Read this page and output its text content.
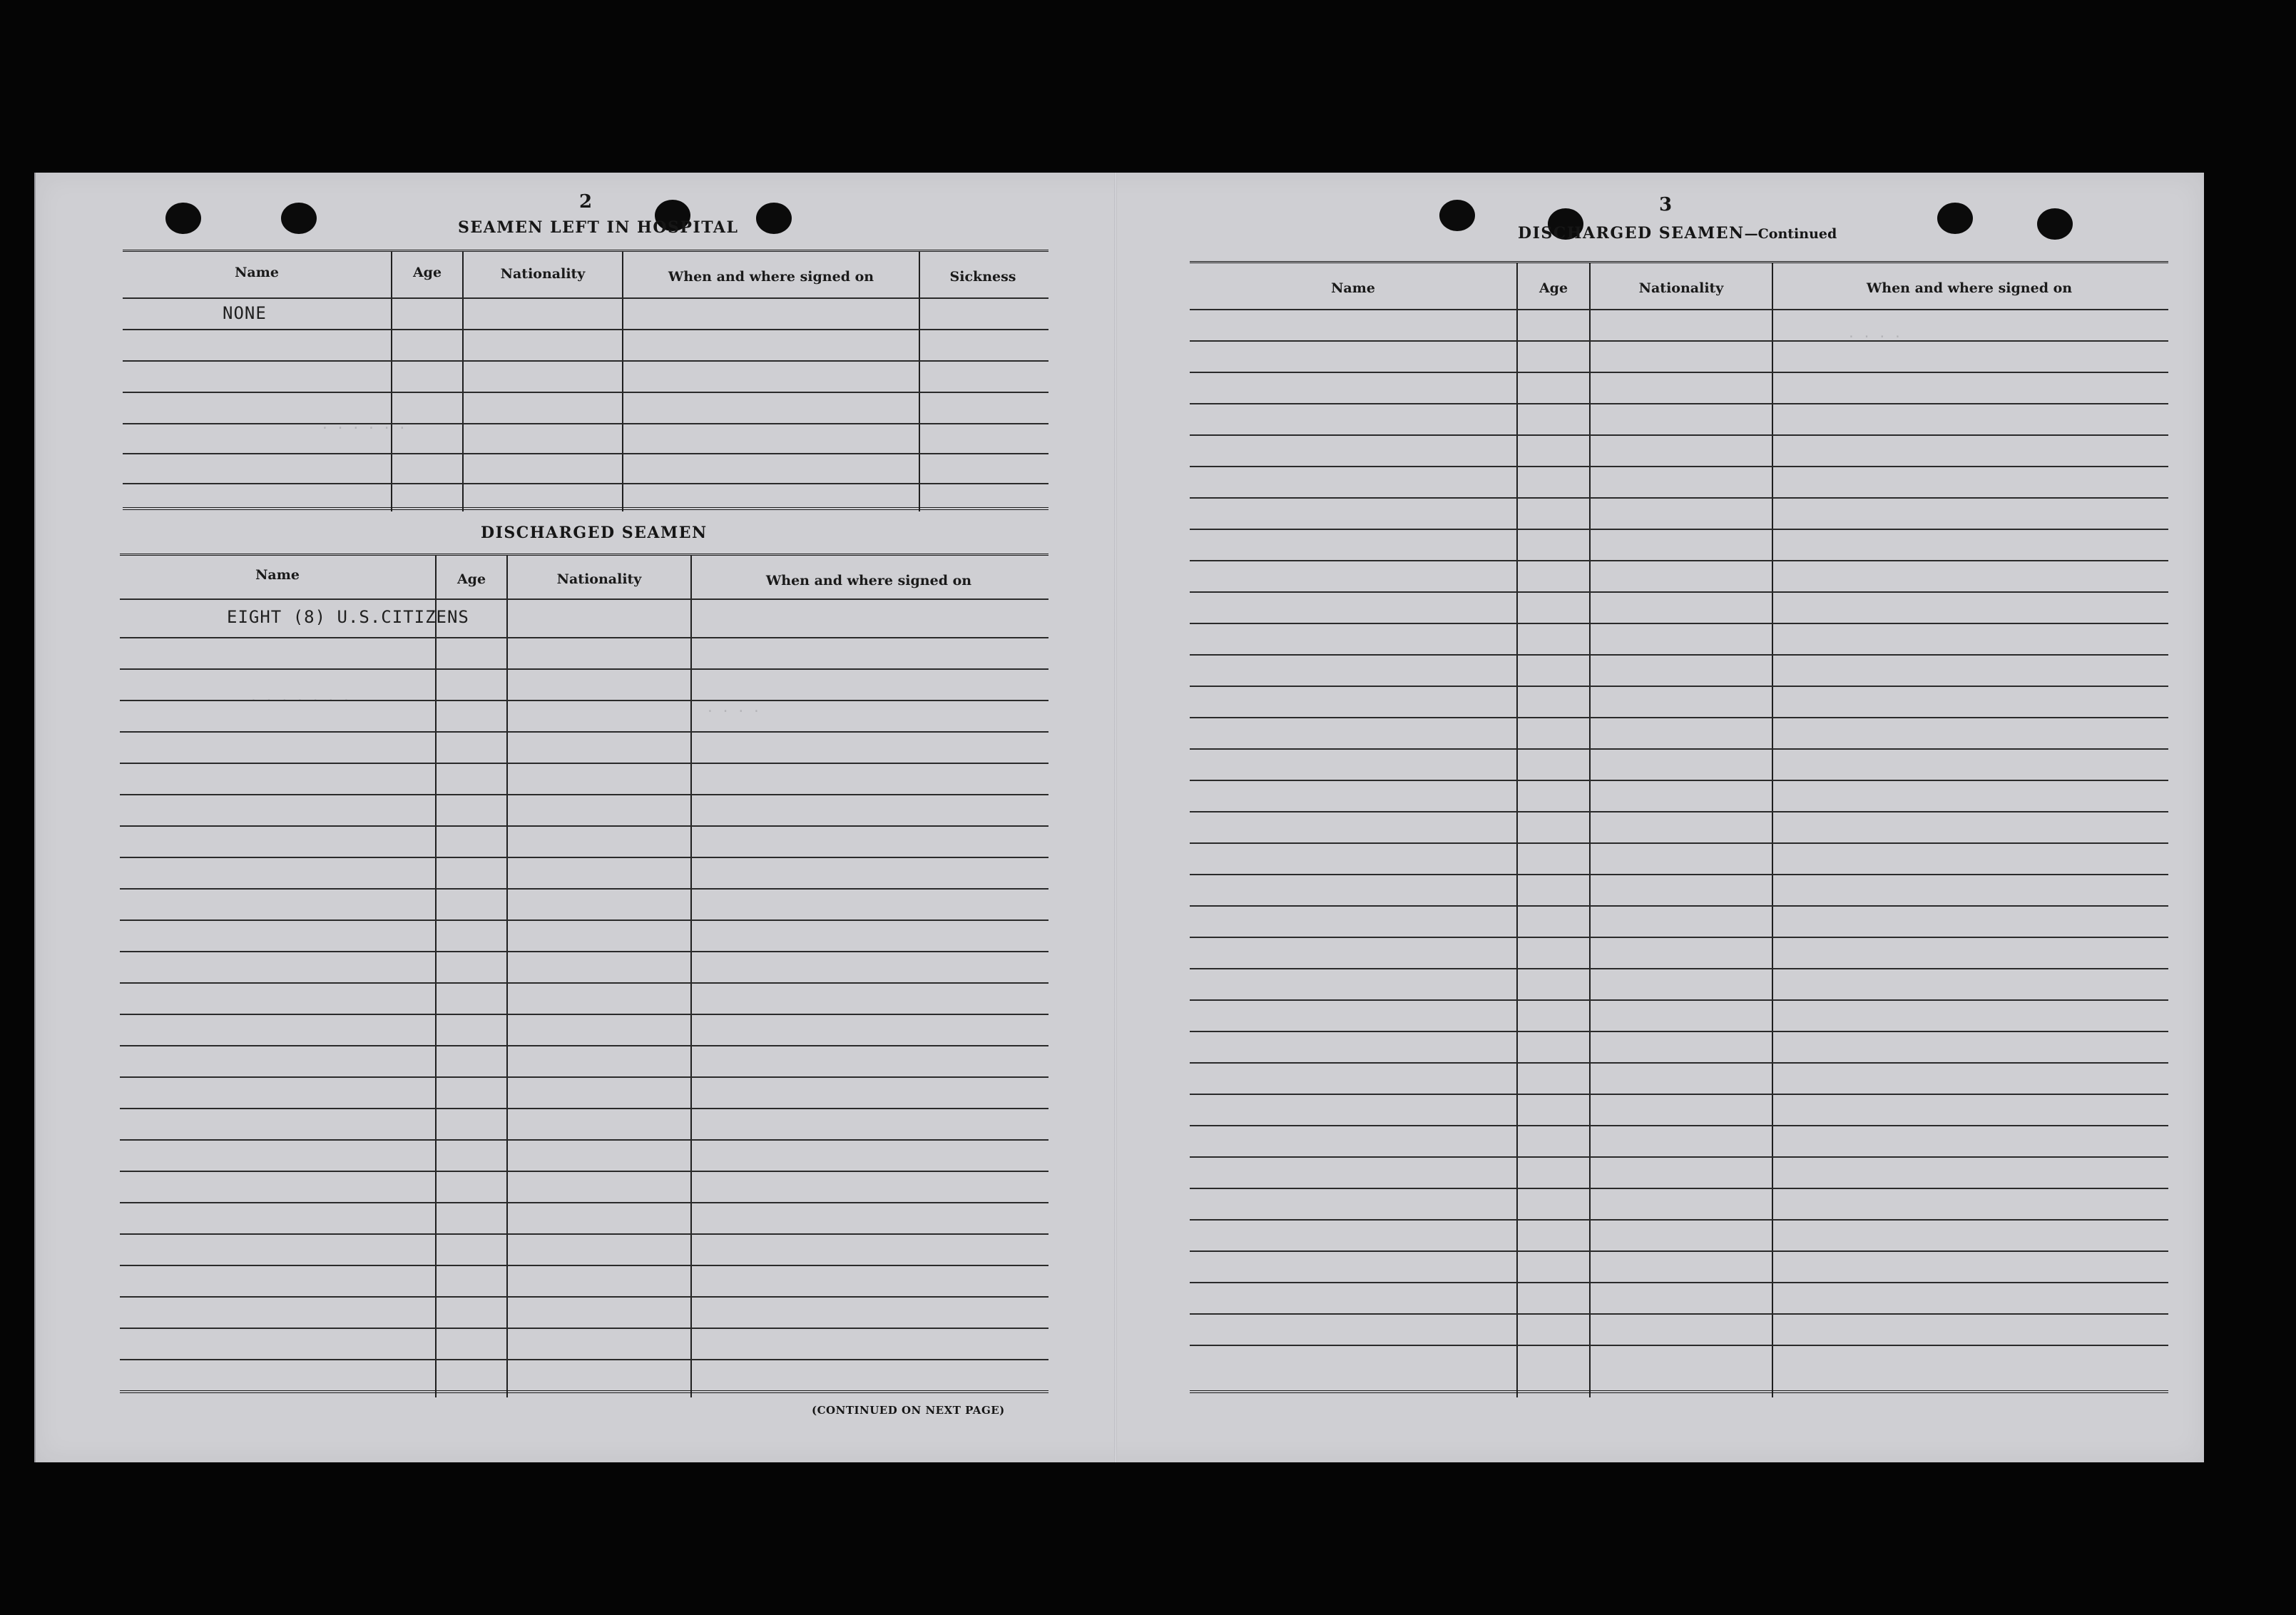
· · · · · ·
· · · · · · ·
· · · ·
· · · ·
2
SEAMEN LEFT IN HOSPITAL
Name	Age	Nationality	When and where signed on	Sickness
NONE
DISCHARGED SEAMEN
Name	Age	Nationality	When and where signed on
EIGHT (8) U.S.CITIZENS
(CONTINUED ON NEXT PAGE)
3
DISCHARGED SEAMEN—Continued
Name	Age	Nationality	When and where signed on
